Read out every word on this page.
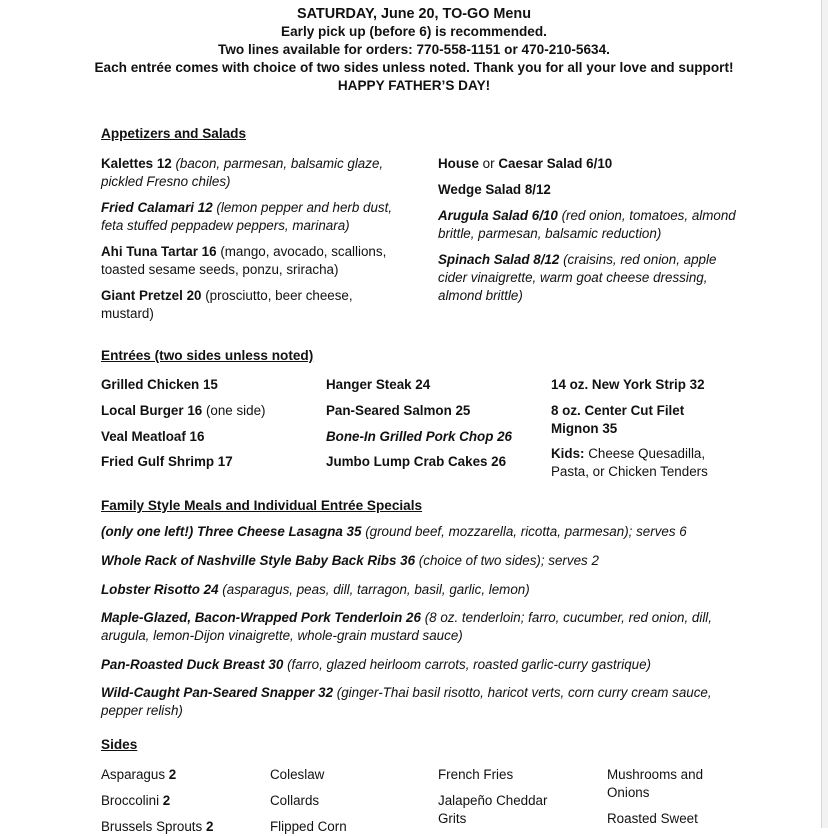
SATURDAY, June 20, TO-GO Menu
Early pick up (before 6) is recommended.
Two lines available for orders: 770-558-1151 or 470-210-5634.
Each entrée comes with choice of two sides unless noted. Thank you for all your love and support!
HAPPY FATHER’S DAY!
Appetizers and Salads
Kalettes 12 (bacon, parmesan, balsamic glaze, pickled Fresno chiles)
Fried Calamari 12 (lemon pepper and herb dust, feta stuffed peppadew peppers, marinara)
Ahi Tuna Tartar 16 (mango, avocado, scallions, toasted sesame seeds, ponzu, sriracha)
Giant Pretzel 20 (prosciutto, beer cheese, mustard)
House or Caesar Salad 6/10
Wedge Salad 8/12
Arugula Salad 6/10 (red onion, tomatoes, almond brittle, parmesan, balsamic reduction)
Spinach Salad 8/12 (craisins, red onion, apple cider vinaigrette, warm goat cheese dressing, almond brittle)
Entrées (two sides unless noted)
Grilled Chicken 15
Local Burger 16 (one side)
Veal Meatloaf 16
Fried Gulf Shrimp 17
Hanger Steak 24
Pan-Seared Salmon 25
Bone-In Grilled Pork Chop 26
Jumbo Lump Crab Cakes 26
14 oz. New York Strip 32
8 oz. Center Cut Filet Mignon 35
Kids: Cheese Quesadilla, Pasta, or Chicken Tenders
Family Style Meals and Individual Entrée Specials
(only one left!) Three Cheese Lasagna 35 (ground beef, mozzarella, ricotta, parmesan); serves 6
Whole Rack of Nashville Style Baby Back Ribs 36 (choice of two sides); serves 2
Lobster Risotto 24 (asparagus, peas, dill, tarragon, basil, garlic, lemon)
Maple-Glazed, Bacon-Wrapped Pork Tenderloin 26 (8 oz. tenderloin; farro, cucumber, red onion, dill, arugula, lemon-Dijon vinaigrette, whole-grain mustard sauce)
Pan-Roasted Duck Breast 30 (farro, glazed heirloom carrots, roasted garlic-curry gastrique)
Wild-Caught Pan-Seared Snapper 32 (ginger-Thai basil risotto, haricot verts, corn curry cream sauce, pepper relish)
Sides
Asparagus 2
Broccolini 2
Brussels Sprouts 2
Coleslaw
Collards
Flipped Corn
French Fries
Jalapeño Cheddar Grits
Mushrooms and Onions
Roasted Sweet
